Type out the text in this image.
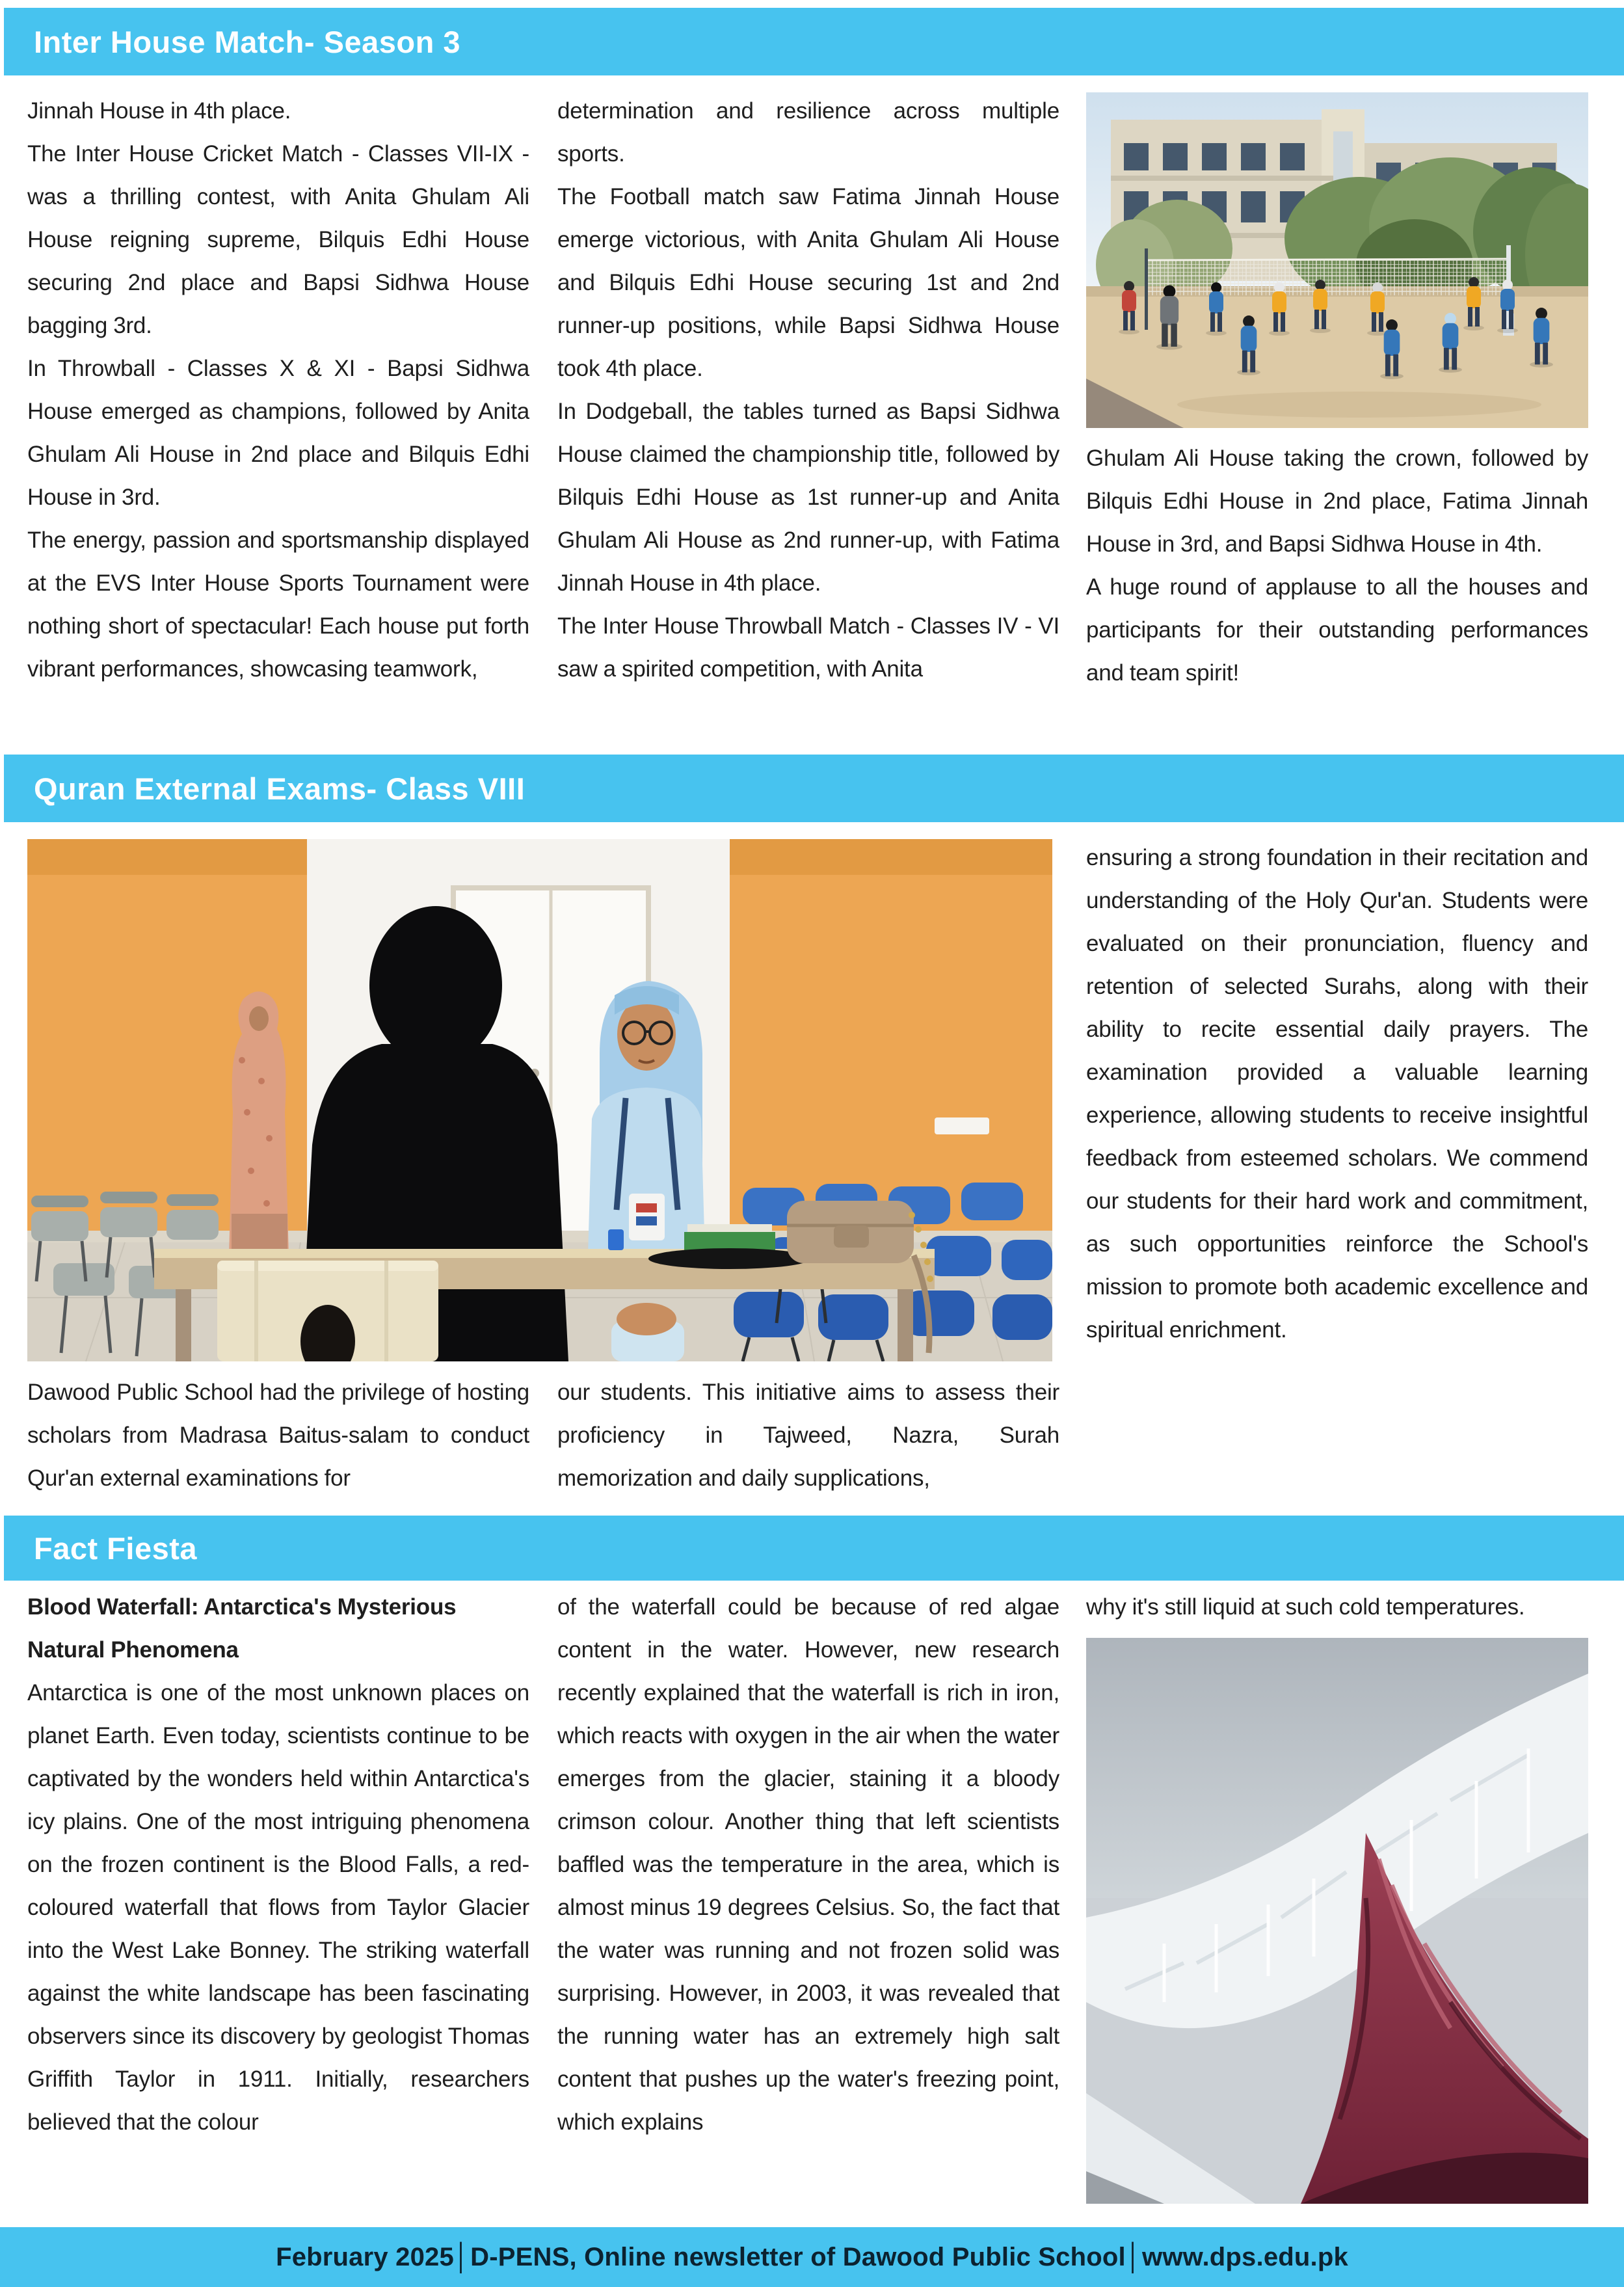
Inter House Match- Season 3

Jinnah House in 4th place.

The Inter House Cricket Match - Classes VII-IX - was a thrilling contest, with Anita Ghulam Ali House reigning supreme, Bilquis Edhi House securing 2nd place and Bapsi Sidhwa House bagging 3rd.

In Throwball - Classes X & XI - Bapsi Sidhwa House emerged as champions, followed by Anita Ghulam Ali House in 2nd place and Bilquis Edhi House in 3rd.

The energy, passion and sportsmanship displayed at the EVS Inter House Sports Tournament were nothing short of spectacular! Each house put forth vibrant performances, showcasing teamwork,

determination and resilience across multiple sports.

The Football match saw Fatima Jinnah House emerge victorious, with Anita Ghulam Ali House and Bilquis Edhi House securing 1st and 2nd runner-up positions, while Bapsi Sidhwa House took 4th place.

In Dodgeball, the tables turned as Bapsi Sidhwa House claimed the championship title, followed by Bilquis Edhi House as 1st runner-up and Anita Ghulam Ali House as 2nd runner-up, with Fatima Jinnah House in 4th place.

The Inter House Throwball Match - Classes IV - VI saw a spirited competition, with Anita

Ghulam Ali House taking the crown, followed by Bilquis Edhi House in 2nd place, Fatima Jinnah House in 3rd, and Bapsi Sidhwa House in 4th.

A huge round of applause to all the houses and participants for their outstanding performances and team spirit!

Quran External Exams- Class VIII

Dawood Public School had the privilege of hosting scholars from Madrasa Baitus-salam to conduct Qur'an external examinations for

our students. This initiative aims to assess their proficiency in Tajweed, Nazra, Surah memorization and daily supplications,

ensuring a strong foundation in their recitation and understanding of the Holy Qur'an. Students were evaluated on their pronunciation, fluency and retention of selected Surahs, along with their ability to recite essential daily prayers. The examination provided a valuable learning experience, allowing students to receive insightful feedback from esteemed scholars. We commend our students for their hard work and commitment, as such opportunities reinforce the School's mission to promote both academic excellence and spiritual enrichment.

Fact Fiesta

Blood Waterfall: Antarctica's Mysterious Natural Phenomena

Antarctica is one of the most unknown places on planet Earth. Even today, scientists continue to be captivated by the wonders held within Antarctica's icy plains. One of the most intriguing phenomena on the frozen continent is the Blood Falls, a red-coloured waterfall that flows from Taylor Glacier into the West Lake Bonney. The striking waterfall against the white landscape has been fascinating observers since its discovery by geologist Thomas Griffith Taylor in 1911. Initially, researchers believed that the colour

of the waterfall could be because of red algae content in the water. However, new research recently explained that the waterfall is rich in iron, which reacts with oxygen in the air when the water emerges from the glacier, staining it a bloody crimson colour. Another thing that left scientists baffled was the temperature in the area, which is almost minus 19 degrees Celsius. So, the fact that the water was running and not frozen solid was surprising. However, in 2003, it was revealed that the running water has an extremely high salt content that pushes up the water's freezing point, which explains

why it's still liquid at such cold temperatures.

February 2025│D-PENS, Online newsletter of Dawood Public School│www.dps.edu.pk
